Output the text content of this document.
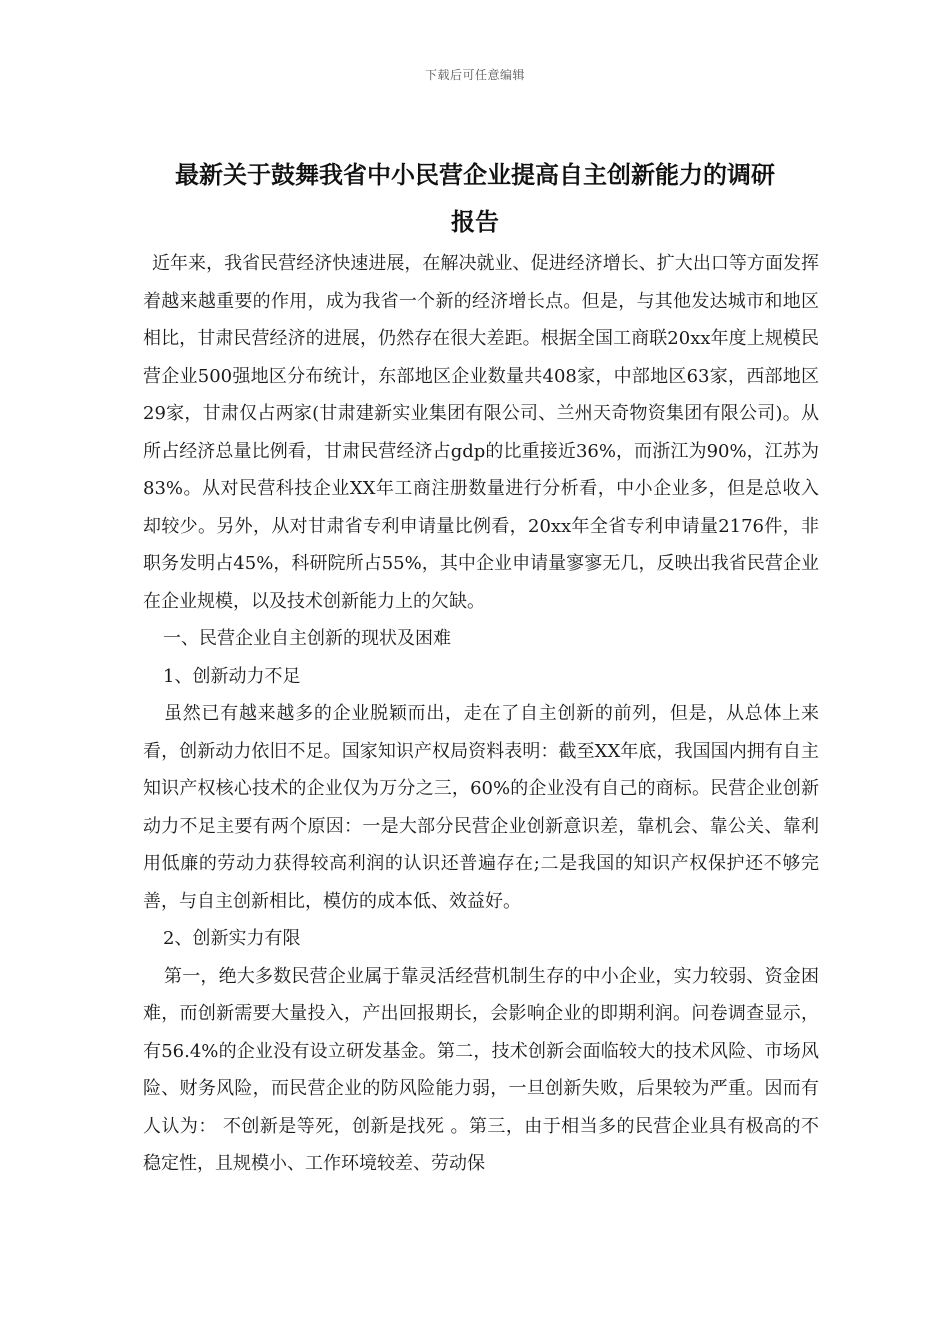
下载后可任意编辑
最新关于鼓舞我省中小民营企业提高自主创新能力的调研
报告

近年来，我省民营经济快速进展，在解决就业、促进经济增长、扩大出口等方面发挥着越来越重要的作用，成为我省一个新的经济增长点。但是，与其他发达城市和地区相比，甘肃民营经济的进展，仍然存在很大差距。根据全国工商联20xx年度上规模民营企业500强地区分布统计，东部地区企业数量共408家，中部地区63家，西部地区29家，甘肃仅占两家(甘肃建新实业集团有限公司、兰州天奇物资集团有限公司)。从所占经济总量比例看，甘肃民营经济占gdp的比重接近36%，而浙江为90%，江苏为83%。从对民营科技企业XX年工商注册数量进行分析看，中小企业多，但是总收入却较少。另外，从对甘肃省专利申请量比例看，20xx年全省专利申请量2176件，非职务发明占45%，科研院所占55%，其中企业申请量寥寥无几，反映出我省民营企业在企业规模，以及技术创新能力上的欠缺。

一、民营企业自主创新的现状及困难

1、创新动力不足

虽然已有越来越多的企业脱颖而出，走在了自主创新的前列，但是，从总体上来看，创新动力依旧不足。国家知识产权局资料表明：截至XX年底，我国国内拥有自主知识产权核心技术的企业仅为万分之三，60%的企业没有自己的商标。民营企业创新动力不足主要有两个原因：一是大部分民营企业创新意识差，靠机会、靠公关、靠利用低廉的劳动力获得较高利润的认识还普遍存在;二是我国的知识产权保护还不够完善，与自主创新相比，模仿的成本低、效益好。

2、创新实力有限

第一，绝大多数民营企业属于靠灵活经营机制生存的中小企业，实力较弱、资金困难，而创新需要大量投入，产出回报期长，会影响企业的即期利润。问卷调查显示，有56.4%的企业没有设立研发基金。第二，技术创新会面临较大的技术风险、市场风险、财务风险，而民营企业的防风险能力弱，一旦创新失败，后果较为严重。因而有人认为： 不创新是等死，创新是找死 。第三，由于相当多的民营企业具有极高的不稳定性，且规模小、工作环境较差、劳动保
